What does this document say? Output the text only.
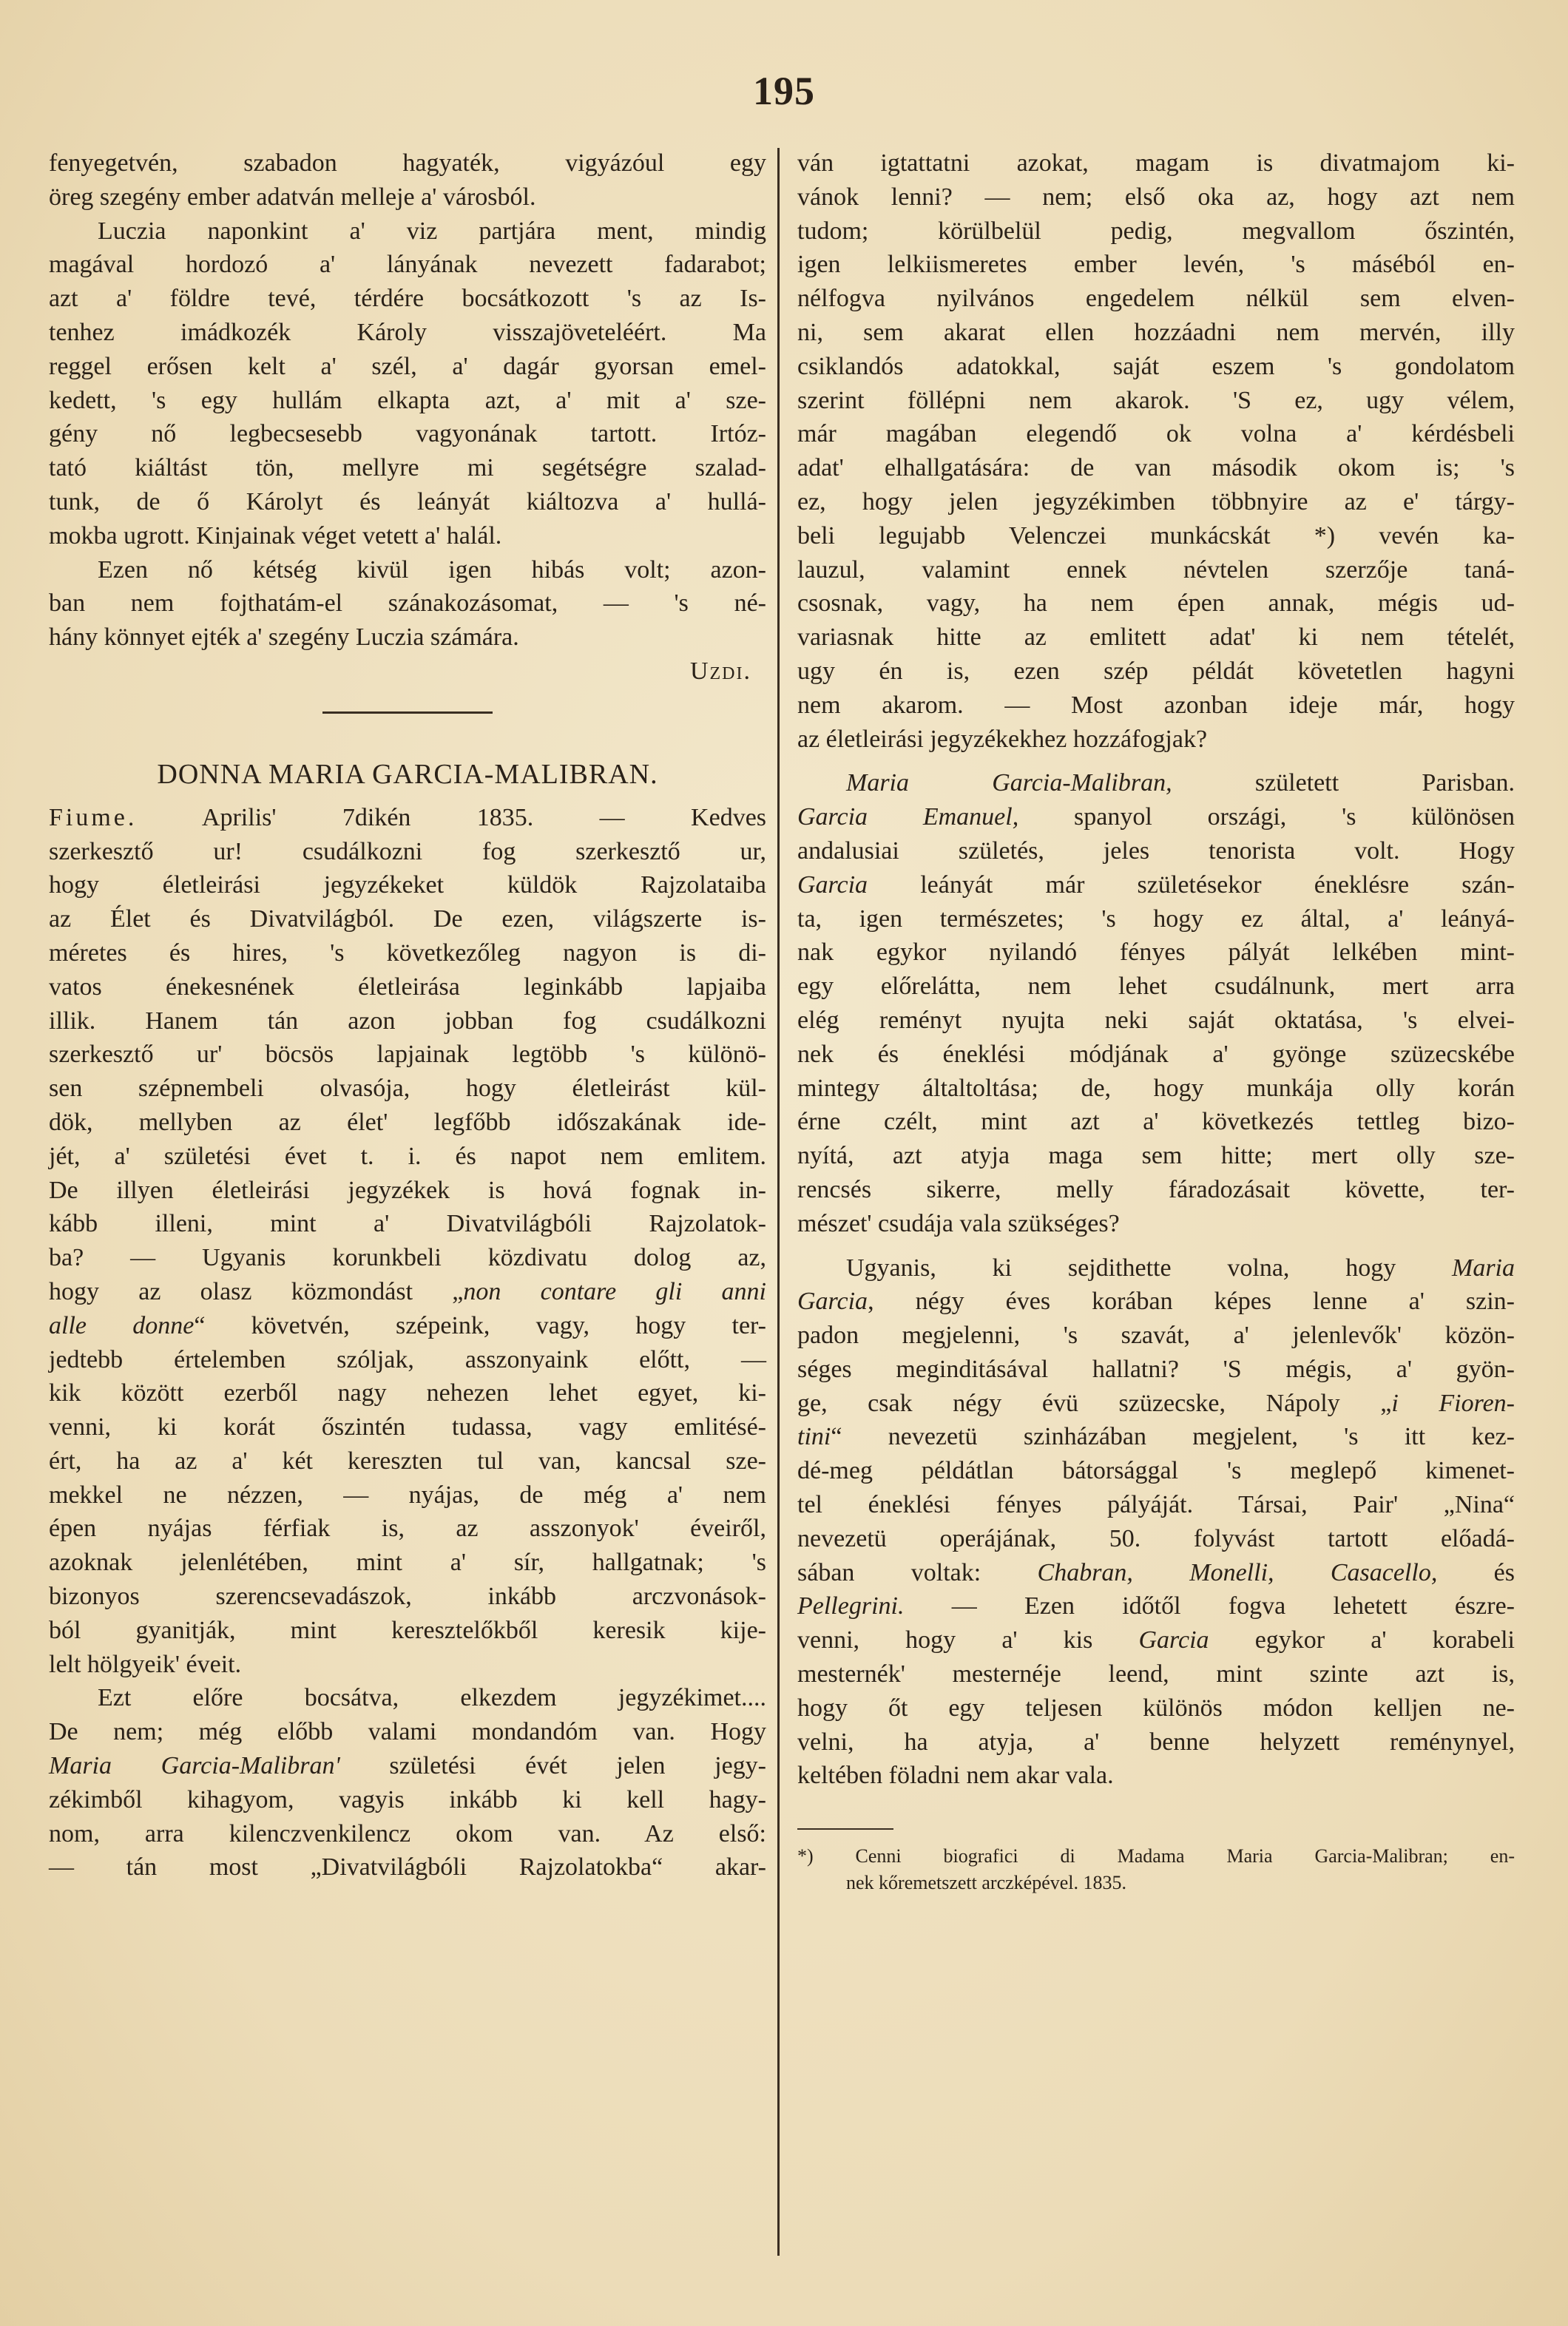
195
fenyegetvén, szabadon hagyaték, vigyázóul egy
öreg szegény ember adatván melleje a' városból.
Luczia naponkint a' viz partjára ment, mindig
magával hordozó a' lányának nevezett fadarabot;
azt a' földre tevé, térdére bocsátkozott 's az Is-
tenhez imádkozék Károly visszajöveteléért. Ma
reggel erősen kelt a' szél, a' dagár gyorsan emel-
kedett, 's egy hullám elkapta azt, a' mit a' sze-
gény nő legbecsesebb vagyonának tartott. Irtóz-
tató kiáltást tön, mellyre mi segétségre szalad-
tunk, de ő Károlyt és leányát kiáltozva a' hullá-
mokba ugrott. Kinjainak véget vetett a' halál.
Ezen nő kétség kivül igen hibás volt; azon-
ban nem fojthatám-el szánakozásomat, — 's né-
hány könnyet ejték a' szegény Luczia számára.
Uzdi.
DONNA MARIA GARCIA-MALIBRAN.
Fiume.	Aprilis' 7dikén 1835. — Kedves
szerkesztő ur! csudálkozni fog szerkesztő ur,
hogy életleirási jegyzékeket küldök Rajzolataiba
az Élet és Divatvilágból. De ezen, világszerte is-
méretes és hires, 's következőleg nagyon is di-
vatos énekesnének életleirása leginkább lapjaiba
illik. Hanem tán azon jobban fog csudálkozni
szerkesztő ur' böcsös lapjainak legtöbb 's különö-
sen szépnembeli olvasója, hogy életleirást kül-
dök, mellyben az élet' legfőbb időszakának ide-
jét, a' születési évet t. i. és napot nem emlitem.
De illyen életleirási jegyzékek is hová fognak in-
kább illeni, mint a' Divatvilágbóli Rajzolatok-
ba? — Ugyanis korunkbeli közdivatu dolog az,
hogy az olasz közmondást „non contare gli anni
alle donne“ követvén, szépeink, vagy, hogy ter-
jedtebb értelemben szóljak, asszonyaink előtt, —
kik között ezerből nagy nehezen lehet egyet, ki-
venni, ki korát őszintén tudassa, vagy emlitésé-
ért, ha az a' két kereszten tul van, kancsal sze-
mekkel ne nézzen, — nyájas, de még a' nem
épen nyájas férfiak is, az asszonyok' éveiről,
azoknak jelenlétében, mint a' sír, hallgatnak; 's
bizonyos szerencsevadászok, inkább arczvonások-
ból gyanitják, mint keresztelőkből keresik kije-
lelt hölgyeik' éveit.
Ezt előre bocsátva, elkezdem jegyzékimet....
De nem; még előbb valami mondandóm van. Hogy
Maria Garcia-Malibran' születési évét jelen jegy-
zékimből kihagyom, vagyis inkább ki kell hagy-
nom, arra kilenczvenkilencz okom van. Az első:
— tán most „Divatvilágbóli Rajzolatokba“ akar-
ván igtattatni azokat, magam is divatmajom ki-
vánok lenni? — nem; első oka az, hogy azt nem
tudom; körülbelül pedig, megvallom őszintén,
igen lelkiismeretes ember levén, 's máséból en-
nélfogva nyilvános engedelem nélkül sem elven-
ni, sem akarat ellen hozzáadni nem mervén, illy
csiklandós adatokkal, saját eszem 's gondolatom
szerint föllépni nem akarok. 'S ez, ugy vélem,
már magában elegendő ok volna a' kérdésbeli
adat' elhallgatására: de van második okom is; 's
ez, hogy jelen jegyzékimben többnyire az e' tárgy-
beli legujabb Velenczei munkácskát *) vevén ka-
lauzul, valamint ennek névtelen szerzője taná-
csosnak, vagy, ha nem épen annak, mégis ud-
variasnak hitte az emlitett adat' ki nem tételét,
ugy én is, ezen szép példát követetlen hagyni
nem akarom. — Most azonban ideje már, hogy
az életleirási jegyzékekhez hozzáfogjak?
Maria Garcia-Malibran, született Parisban.
Garcia Emanuel, spanyol országi, 's különösen
andalusiai születés, jeles tenorista volt. Hogy
Garcia leányát már születésekor éneklésre szán-
ta, igen természetes; 's hogy ez által, a' leányá-
nak egykor nyilandó fényes pályát lelkében mint-
egy előrelátta, nem lehet csudálnunk, mert arra
elég reményt nyujta neki saját oktatása, 's elvei-
nek és éneklési módjának a' gyönge szüzecskébe
mintegy általtoltása; de, hogy munkája olly korán
érne czélt, mint azt a' következés tettleg bizo-
nyítá, azt atyja maga sem hitte; mert olly sze-
rencsés sikerre, melly fáradozásait követte, ter-
mészet' csudája vala szükséges?
Ugyanis, ki sejdithette volna, hogy Maria
Garcia, négy éves korában képes lenne a' szin-
padon megjelenni, 's szavát, a' jelenlevők' közön-
séges meginditásával hallatni? 'S mégis, a' gyön-
ge, csak négy évü szüzecske, Nápoly „i Fioren-
tini“ nevezetü szinházában megjelent, 's itt kez-
dé-meg példátlan bátorsággal 's meglepő kimenet-
tel éneklési fényes pályáját. Társai, Pair' „Nina“
nevezetü operájának, 50. folyvást tartott előadá-
sában voltak: Chabran, Monelli, Casacello, és
Pellegrini. — Ezen időtől fogva lehetett észre-
venni, hogy a' kis Garcia egykor a' korabeli
mesternék' mesternéje leend, mint szinte azt is,
hogy őt egy teljesen különös módon kelljen ne-
velni, ha atyja, a' benne helyzett reménynyel,
keltében föladni nem akar vala.
*) Cenni biografici di Madama Maria Garcia-Malibran; en-
nek kőremetszett arczképével. 1835.
